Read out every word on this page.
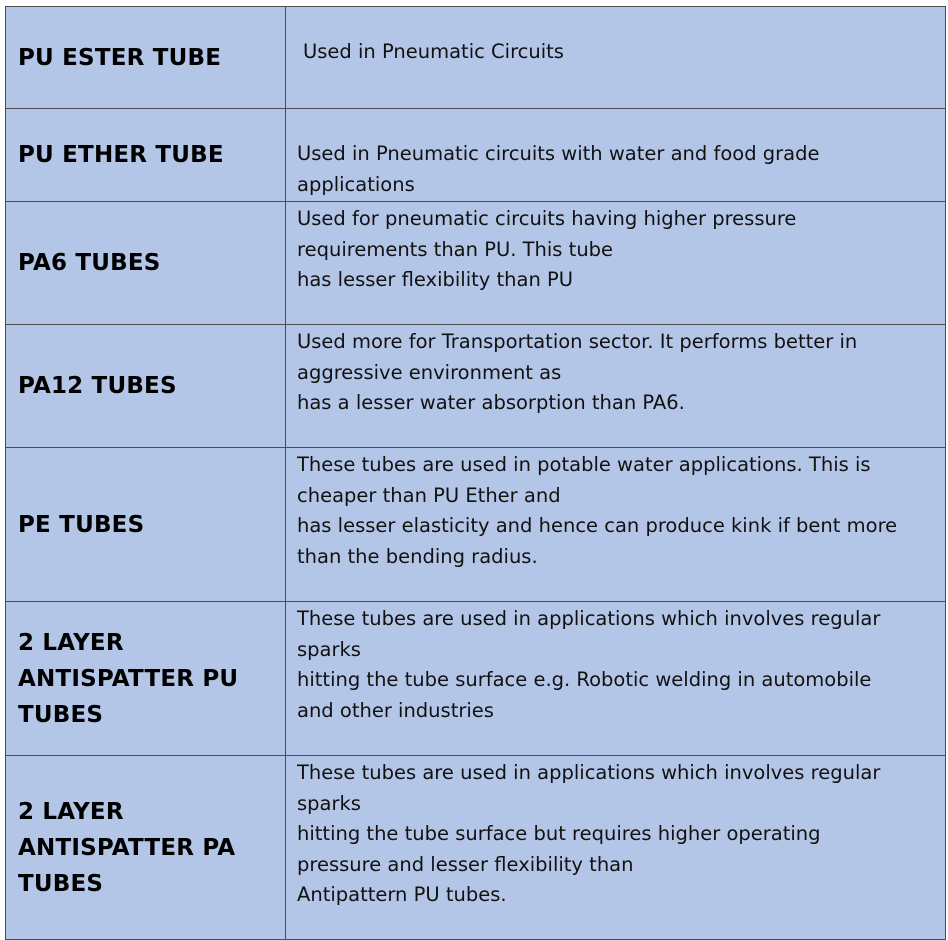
PU ESTER TUBE	Used in Pneumatic Circuits

PU ETHER TUBE	Used in Pneumatic circuits with water and food grade
applications

PA6 TUBES	Used for pneumatic circuits having higher pressure
requirements than PU. This tube
has lesser flexibility than PU

PA12 TUBES	Used more for Transportation sector. It performs better in
aggressive environment as
has a lesser water absorption than PA6.

PE TUBES	These tubes are used in potable water applications. This is
cheaper than PU Ether and
has lesser elasticity and hence can produce kink if bent more
than the bending radius.

2 LAYER ANTISPATTER PU TUBES	These tubes are used in applications which involves regular
sparks
hitting the tube surface e.g. Robotic welding in automobile
and other industries

2 LAYER ANTISPATTER PA TUBES	These tubes are used in applications which involves regular
sparks
hitting the tube surface but requires higher operating
pressure and lesser flexibility than
Antipattern PU tubes.
